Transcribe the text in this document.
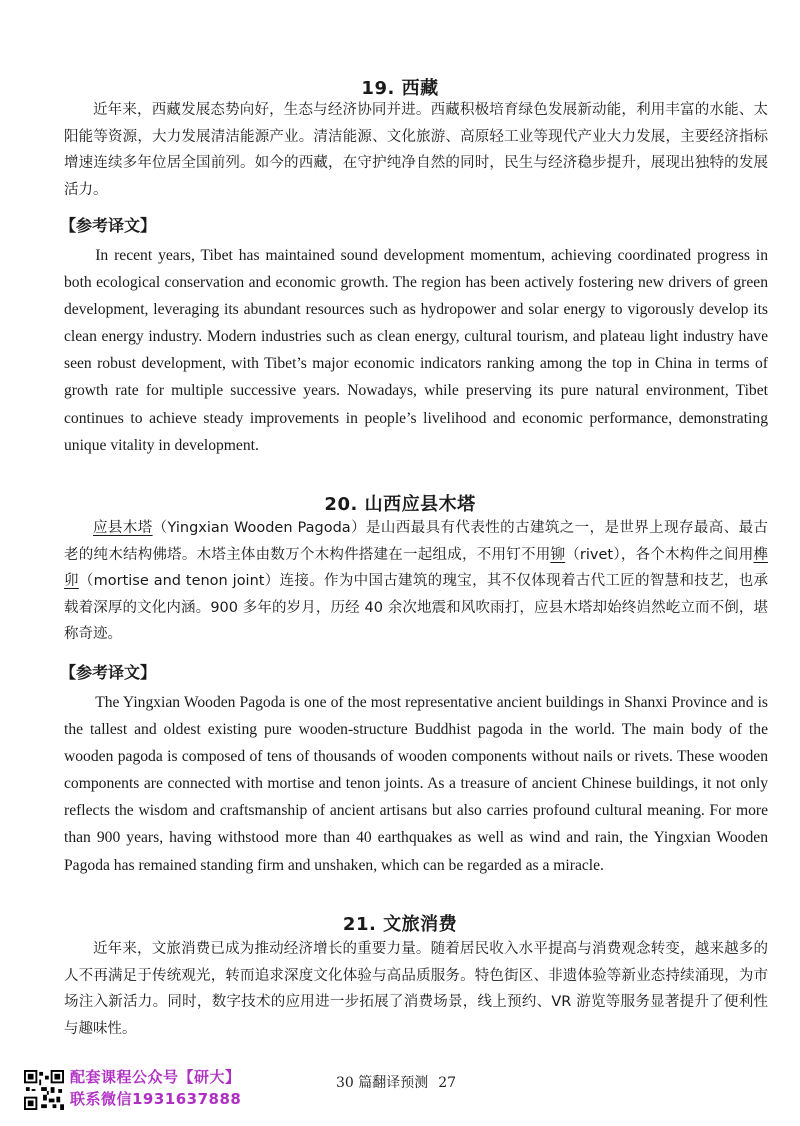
19. 西藏

近年来，西藏发展态势向好，生态与经济协同并进。西藏积极培育绿色发展新动能，利用丰富的水能、太阳能等资源，大力发展清洁能源产业。清洁能源、文化旅游、高原轻工业等现代产业大力发展，主要经济指标增速连续多年位居全国前列。如今的西藏，在守护纯净自然的同时，民生与经济稳步提升，展现出独特的发展活力。

【参考译文】

In recent years, Tibet has maintained sound development momentum, achieving coordinated progress in both ecological conservation and economic growth. The region has been actively fostering new drivers of green development, leveraging its abundant resources such as hydropower and solar energy to vigorously develop its clean energy industry. Modern industries such as clean energy, cultural tourism, and plateau light industry have seen robust development, with Tibet’s major economic indicators ranking among the top in China in terms of growth rate for multiple successive years. Nowadays, while preserving its pure natural environment, Tibet continues to achieve steady improvements in people’s livelihood and economic performance, demonstrating unique vitality in development.

20. 山西应县木塔

应县木塔（Yingxian Wooden Pagoda）是山西最具有代表性的古建筑之一，是世界上现存最高、最古老的纯木结构佛塔。木塔主体由数万个木构件搭建在一起组成，不用钉不用铆（rivet），各个木构件之间用榫卯（mortise and tenon joint）连接。作为中国古建筑的瑰宝，其不仅体现着古代工匠的智慧和技艺，也承载着深厚的文化内涵。900 多年的岁月，历经 40 余次地震和风吹雨打，应县木塔却始终岿然屹立而不倒，堪称奇迹。

【参考译文】

The Yingxian Wooden Pagoda is one of the most representative ancient buildings in Shanxi Province and is the tallest and oldest existing pure wooden-structure Buddhist pagoda in the world. The main body of the wooden pagoda is composed of tens of thousands of wooden components without nails or rivets. These wooden components are connected with mortise and tenon joints. As a treasure of ancient Chinese buildings, it not only reflects the wisdom and craftsmanship of ancient artisans but also carries profound cultural meaning. For more than 900 years, having withstood more than 40 earthquakes as well as wind and rain, the Yingxian Wooden Pagoda has remained standing firm and unshaken, which can be regarded as a miracle.

21. 文旅消费

近年来，文旅消费已成为推动经济增长的重要力量。随着居民收入水平提高与消费观念转变，越来越多的人不再满足于传统观光，转而追求深度文化体验与高品质服务。特色街区、非遗体验等新业态持续涌现，为市场注入新活力。同时，数字技术的应用进一步拓展了消费场景，线上预约、VR 游览等服务显著提升了便利性与趣味性。

配套课程公众号【研大】
联系微信1931637888
30 篇翻译预测 27
